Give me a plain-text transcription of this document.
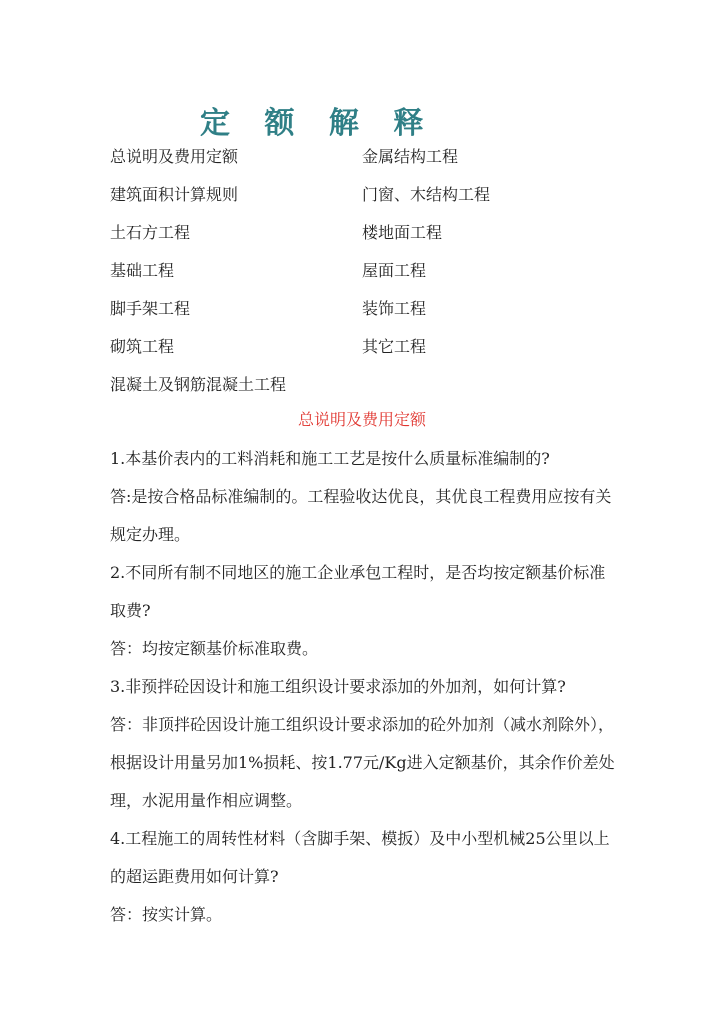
定 额 解 释
总说明及费用定额	金属结构工程
建筑面积计算规则	门窗、木结构工程
土石方工程	楼地面工程
基础工程	屋面工程
脚手架工程	装饰工程
砌筑工程	其它工程
混凝土及钢筋混凝土工程
总说明及费用定额

1.本基价表内的工料消耗和施工工艺是按什么质量标准编制的?

答:是按合格品标准编制的。工程验收达优良，其优良工程费用应按有关规定办理。

2.不同所有制不同地区的施工企业承包工程时，是否均按定额基价标准取费?

答：均按定额基价标准取费。

3.非预拌砼因设计和施工组织设计要求添加的外加剂，如何计算?

答：非顶拌砼因设计施工组织设计要求添加的砼外加剂（减水剂除外），根据设计用量另加1%损耗、按1.77元/Kg进入定额基价，其余作价差处理，水泥用量作相应调整。

4.工程施工的周转性材料（含脚手架、模扳）及中小型机械25公里以上的超运距费用如何计算?

答：按实计算。
